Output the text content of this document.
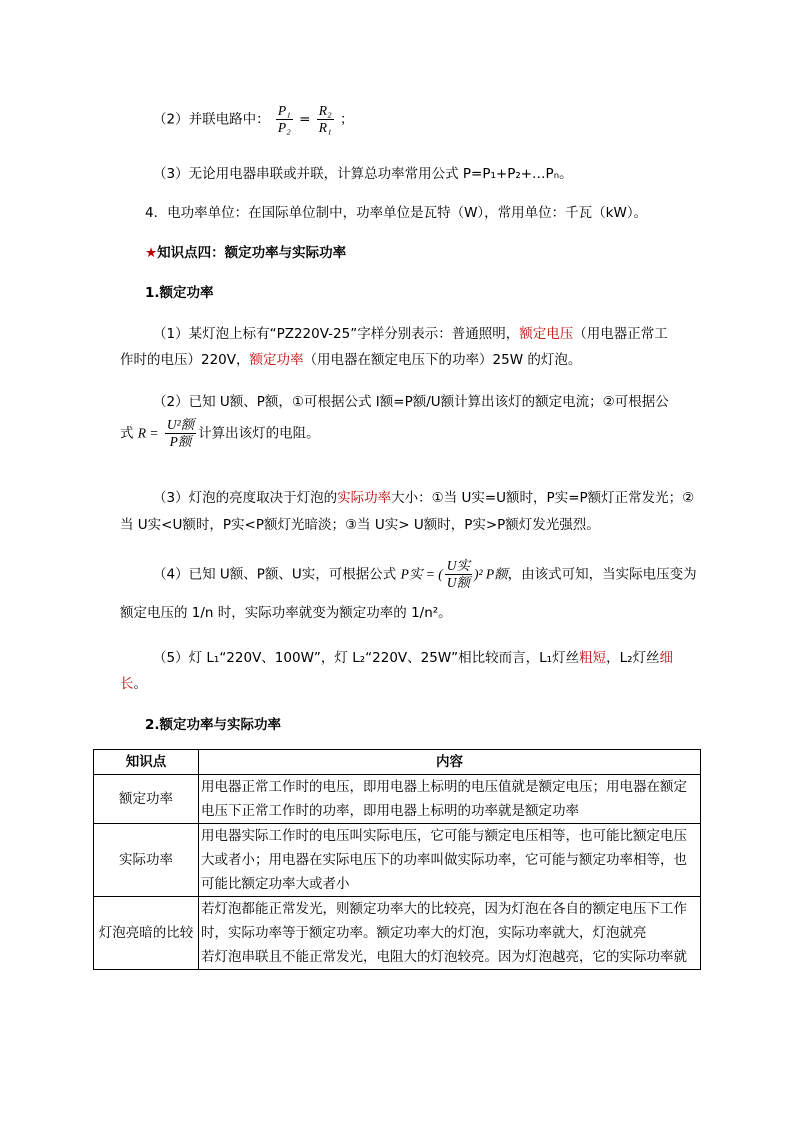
（2）并联电路中： $\frac{\text{P₁}}{\text{P₂}} = \frac{\text{R₂}}{\text{R₁}}$ ；
（3）无论用电器串联或并联，计算总功率常用公式 P=P₁+P₂+…Pₙ。
4．电功率单位：在国际单位制中，功率单位是瓦特（W），常用单位：千瓦（kW）。
★知识点四：额定功率与实际功率
1.额定功率
（1）某灯泡上标有“PZ220V-25”字样分别表示：普通照明，额定电压（用电器正常工
作时的电压）220V，额定功率（用电器在额定电压下的功率）25W 的灯泡。
（2）已知 U额、P额，①可根据公式 I额=P额/U额计算出该灯的额定电流；②可根据公
式 $R = \frac{\text{U²额}}{\text{P额}}$ 计算出该灯的电阻。
（3）灯泡的亮度取决于灯泡的实际功率大小：①当 U实=U额时，P实=P额灯正常发光；②
当 U实<U额时，P实<P额灯光暗淡；③当 U实> U额时，P实>P额灯发光强烈。
（4）已知 U额、P额、U实，可根据公式 P实 = ( $\frac{\text{U实}}{\text{U额}} )^2$ P额，由该式可知，当实际电压变为
额定电压的 1/n 时，实际功率就变为额定功率的 1/n²。
（5）灯 L₁“220V、100W”，灯 L₂“220V、25W”相比较而言，L₁灯丝粗短，L₂灯丝细
长。
2.额定功率与实际功率
知识点	内容
额定功率	用电器正常工作时的电压，即用电器上标明的电压值就是额定电压；用电器在额定
电压下正常工作时的功率，即用电器上标明的功率就是额定功率

实际功率	用电器实际工作时的电压叫实际电压，它可能与额定电压相等，也可能比额定电压
大或者小；用电器在实际电压下的功率叫做实际功率，它可能与额定功率相等，也
可能比额定功率大或者小

灯泡亮暗的比较	若灯泡都能正常发光，则额定功率大的比较亮，因为灯泡在各自的额定电压下工作
时，实际功率等于额定功率。额定功率大的灯泡，实际功率就大，灯泡就亮
若灯泡串联且不能正常发光，电阻大的灯泡较亮。因为灯泡越亮，它的实际功率就
